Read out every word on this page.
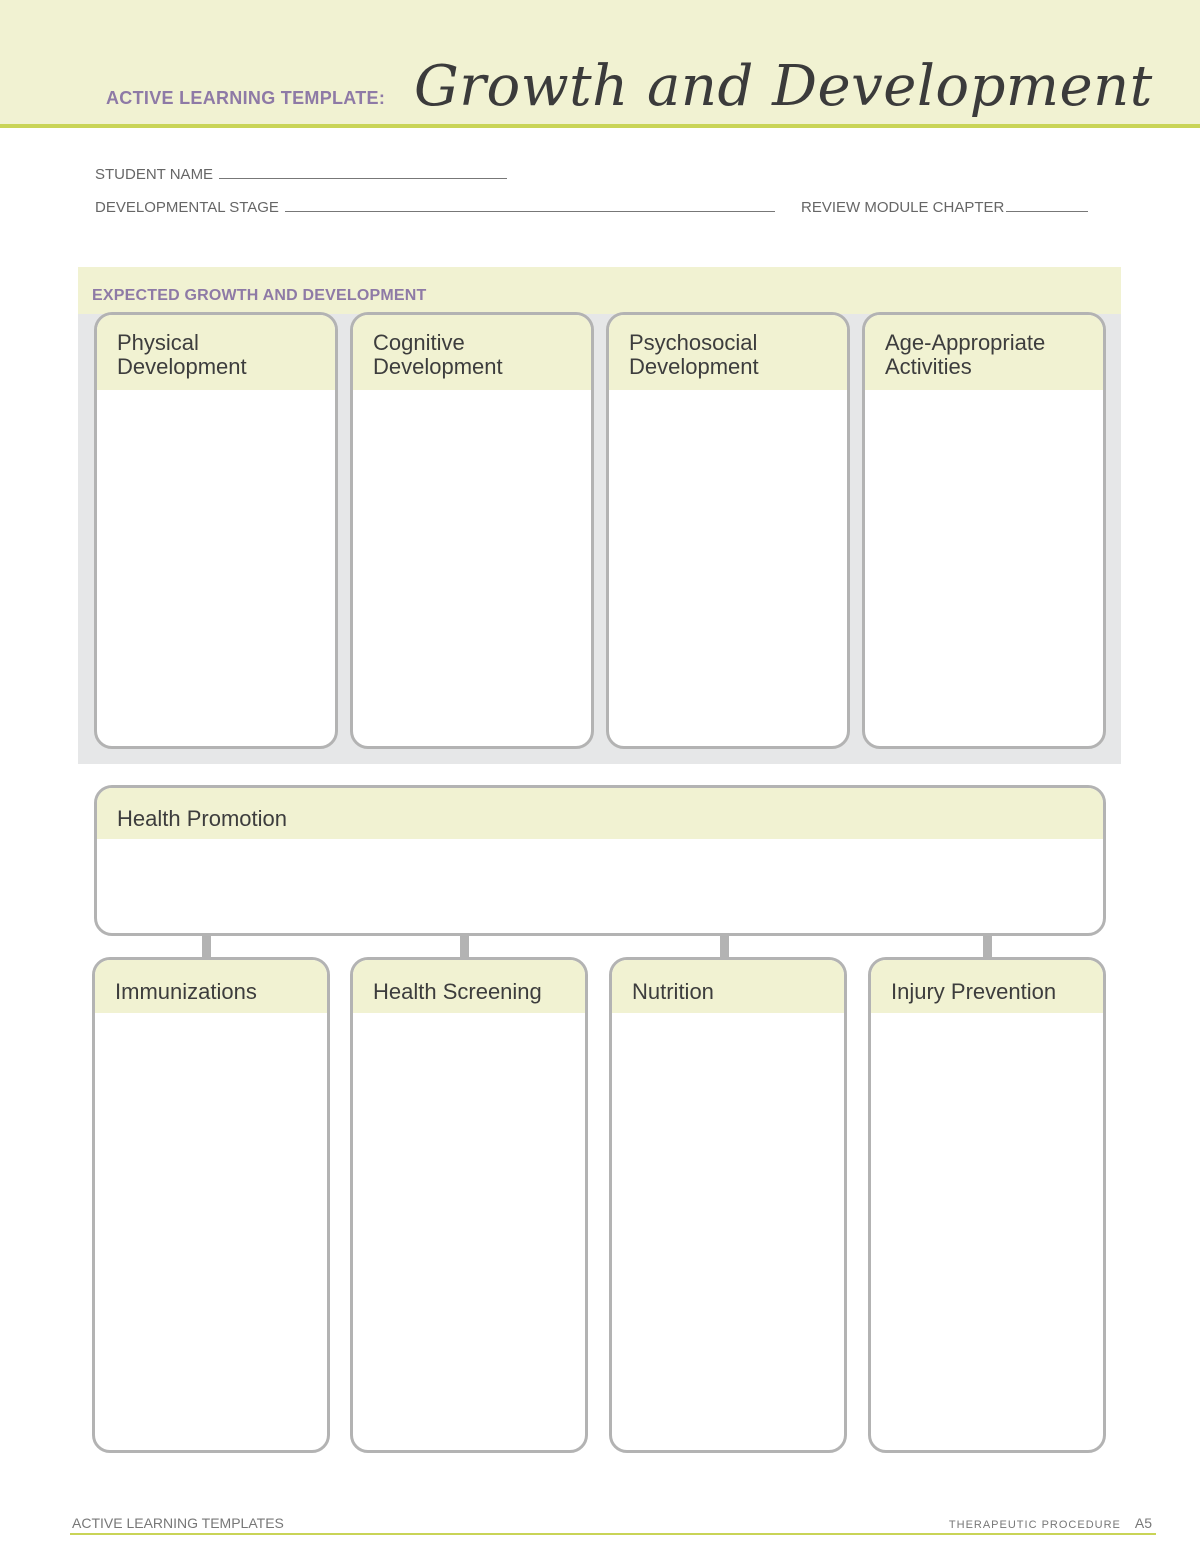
ACTIVE LEARNING TEMPLATE: Growth and Development
STUDENT NAME
DEVELOPMENTAL STAGE	REVIEW MODULE CHAPTER
EXPECTED GROWTH AND DEVELOPMENT
Physical
Development
Cognitive
Development
Psychosocial
Development
Age-Appropriate
Activities
Health Promotion
Immunizations	Health Screening	Nutrition	Injury Prevention
ACTIVE LEARNING TEMPLATES	THERAPEUTIC PROCEDURE A5
